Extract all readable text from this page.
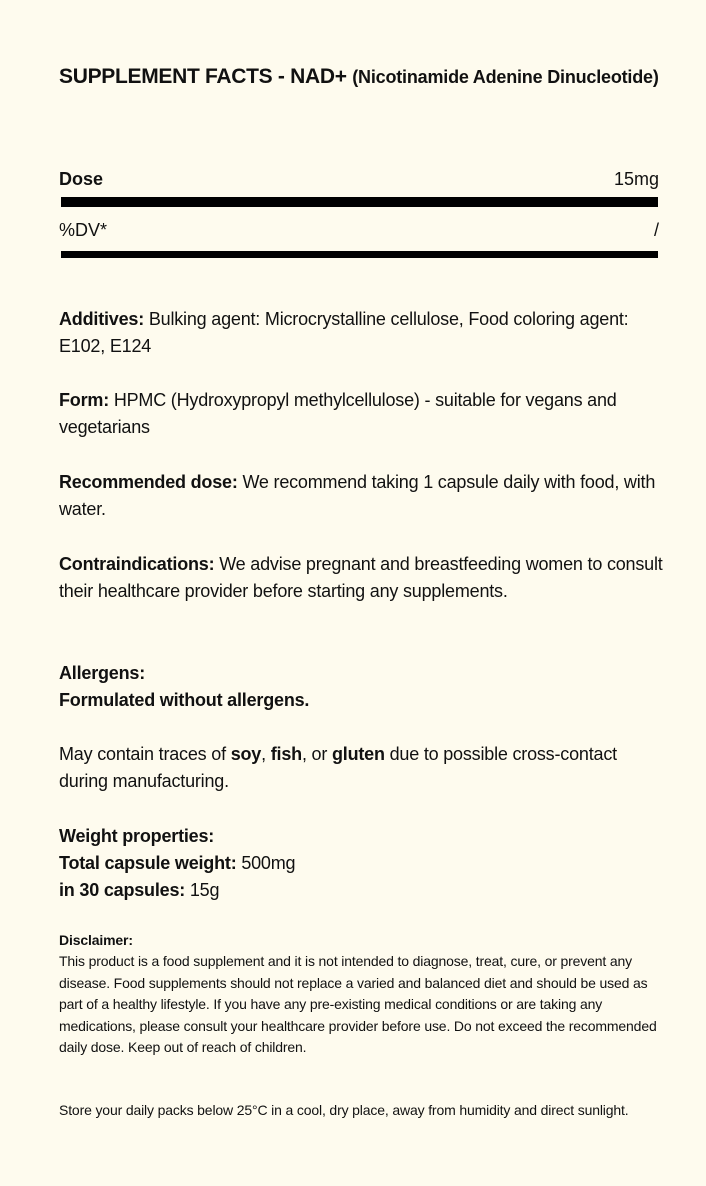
SUPPLEMENT FACTS - NAD+ (Nicotinamide Adenine Dinucleotide)
Dose	15mg
%DV*	/

Additives: Bulking agent: Microcrystalline cellulose, Food coloring agent: E102, E124

Form: HPMC (Hydroxypropyl methylcellulose) - suitable for vegans and vegetarians

Recommended dose: We recommend taking 1 capsule daily with food, with water.

Contraindications: We advise pregnant and breastfeeding women to consult their healthcare provider before starting any supplements.

Allergens:
Formulated without allergens.

May contain traces of soy, fish, or gluten due to possible cross-contact during manufacturing.

Weight properties:
Total capsule weight: 500mg
in 30 capsules: 15g
Disclaimer:

This product is a food supplement and it is not intended to diagnose, treat, cure, or prevent any disease. Food supplements should not replace a varied and balanced diet and should be used as part of a healthy lifestyle. If you have any pre-existing medical conditions or are taking any medications, please consult your healthcare provider before use. Do not exceed the recommended daily dose. Keep out of reach of children.

Store your daily packs below 25°C in a cool, dry place, away from humidity and direct sunlight.
